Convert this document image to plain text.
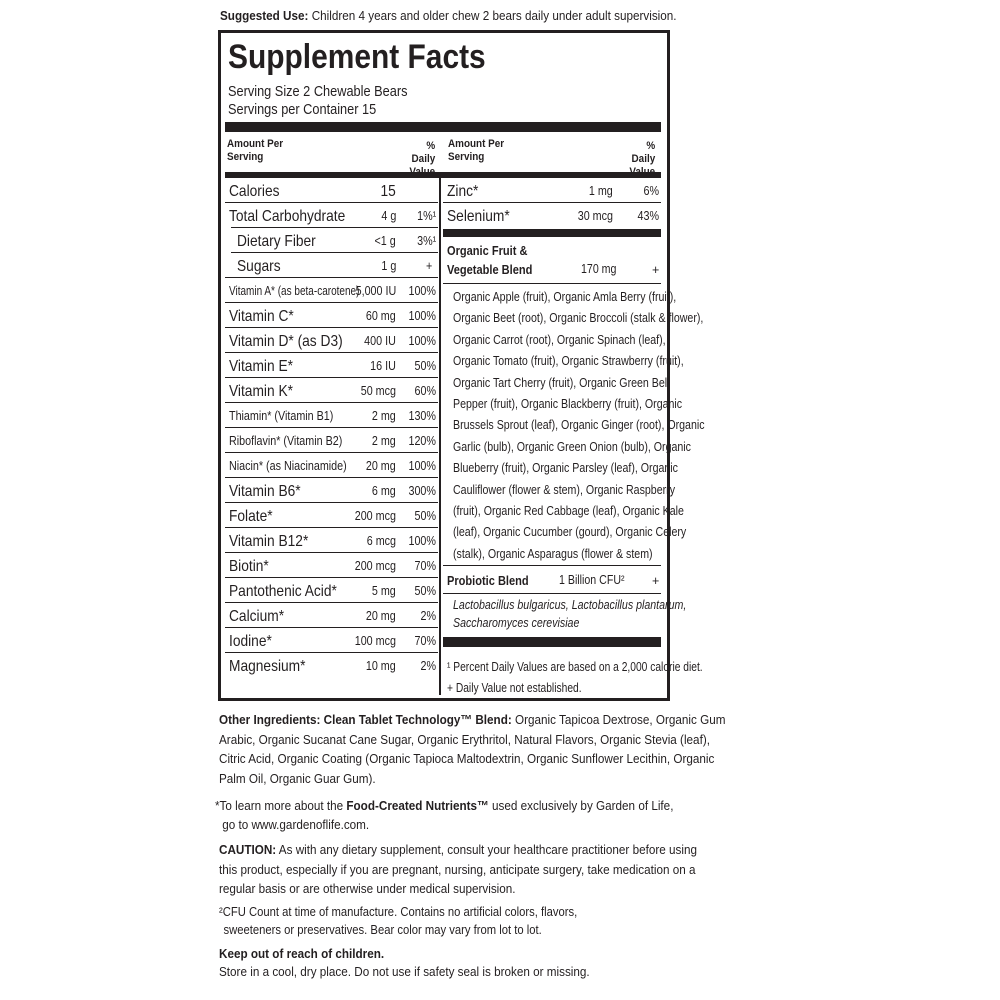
Suggested Use: Children 4 years and older chew 2 bears daily under adult supervision.
Supplement Facts
Serving Size 2 Chewable Bears
Servings per Container 15
Amount Per
Serving
% Daily
Amount Per
Serving
% Daily
Calories	15
Total Carbohydrate	4 g 1%¹
Dietary Fiber	<1 g 3%¹
Sugars	1 g +
Vitamin A* (as beta-carotene)
5,000 IU 100%
Vitamin C*	60 mg 100%
Vitamin D* (as D3) 400 IU 100%
Vitamin E*	16 IU 50%
Vitamin K*	50 mcg 60%
Thiamin* (Vitamin B1)	2 mg 130%
Riboflavin* (Vitamin B2) 2 mg 120%
Niacin* (as Niacinamide) 20 mg 100%
Vitamin B6*	6 mg 300%
Folate*	200 mcg 50%
Vitamin B12*	6 mcg 100%
Biotin*	200 mcg 70%
Pantothenic Acid*	5 mg 50%
Calcium*	20 mg 2%
Iodine*	100 mcg 70%
Magnesium*	10 mg 2%
Zinc*	1 mg 6%
Selenium*	30 mcg 43%
Organic Fruit &
Vegetable Blend	170 mg	+
Organic Apple (fruit), Organic Amla Berry (fruit),
Organic Beet (root), Organic Broccoli (stalk & flower),
Organic Carrot (root), Organic Spinach (leaf),
Organic Tomato (fruit), Organic Strawberry (fruit),
Organic Tart Cherry (fruit), Organic Green Bell
Pepper (fruit), Organic Blackberry (fruit), Organic
Brussels Sprout (leaf), Organic Ginger (root), Organic
Garlic (bulb), Organic Green Onion (bulb), Organic
Blueberry (fruit), Organic Parsley (leaf), Organic
Cauliflower (flower & stem), Organic Raspberry
(fruit), Organic Red Cabbage (leaf), Organic Kale
(leaf), Organic Cucumber (gourd), Organic Celery
(stalk), Organic Asparagus (flower & stem)
Probiotic Blend 1 Billion CFU² +
Lactobacillus bulgaricus, Lactobacillus plantarum,
Saccharomyces cerevisiae
¹ Percent Daily Values are based on a 2,000 calorie diet.
+ Daily Value not established.
Other Ingredients: Clean Tablet Technology™ Blend: Organic Tapicoa Dextrose, Organic Gum
Arabic, Organic Sucanat Cane Sugar, Organic Erythritol, Natural Flavors, Organic Stevia (leaf),
Citric Acid, Organic Coating (Organic Tapioca Maltodextrin, Organic Sunflower Lecithin, Organic
Palm Oil, Organic Guar Gum).
*To learn more about the Food-Created Nutrients™ used exclusively by Garden of Life,
go to www.gardenoflife.com.
CAUTION: As with any dietary supplement, consult your healthcare practitioner before using
this product, especially if you are pregnant, nursing, anticipate surgery, take medication on a
regular basis or are otherwise under medical supervision.
²CFU Count at time of manufacture. Contains no artificial colors, flavors,
sweeteners or preservatives. Bear color may vary from lot to lot.
Keep out of reach of children.
Store in a cool, dry place. Do not use if safety seal is broken or missing.
